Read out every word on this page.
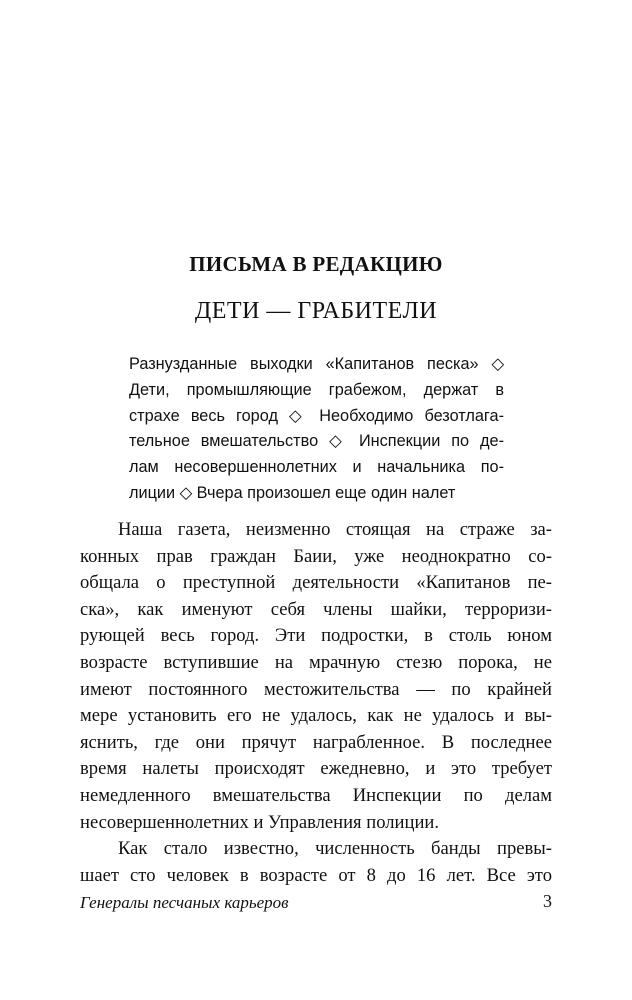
ПИСЬМА В РЕДАКЦИЮ
ДЕТИ — ГРАБИТЕЛИ
Разнузданные выходки «Капитанов песка» ◇
Дети, промышляющие грабежом, держат в
страхе весь город ◇ Необходимо безотлага-
тельное вмешательство ◇ Инспекции по де-
лам несовершеннолетних и начальника по-
лиции ◇ Вчера произошел еще один налет
Наша газета, неизменно стоящая на страже за-
конных прав граждан Баии, уже неоднократно со-
общала о преступной деятельности «Капитанов пе-
ска», как именуют себя члены шайки, терроризи-
рующей весь город. Эти подростки, в столь юном
возрасте вступившие на мрачную стезю порока, не
имеют постоянного местожительства — по крайней
мере установить его не удалось, как не удалось и вы-
яснить, где они прячут награбленное. В последнее
время налеты происходят ежедневно, и это требует
немедленного вмешательства Инспекции по делам
несовершеннолетних и Управления полиции.
Как стало известно, численность банды превы-
шает сто человек в возрасте от 8 до 16 лет. Все это
Генералы песчаных карьеров	3
